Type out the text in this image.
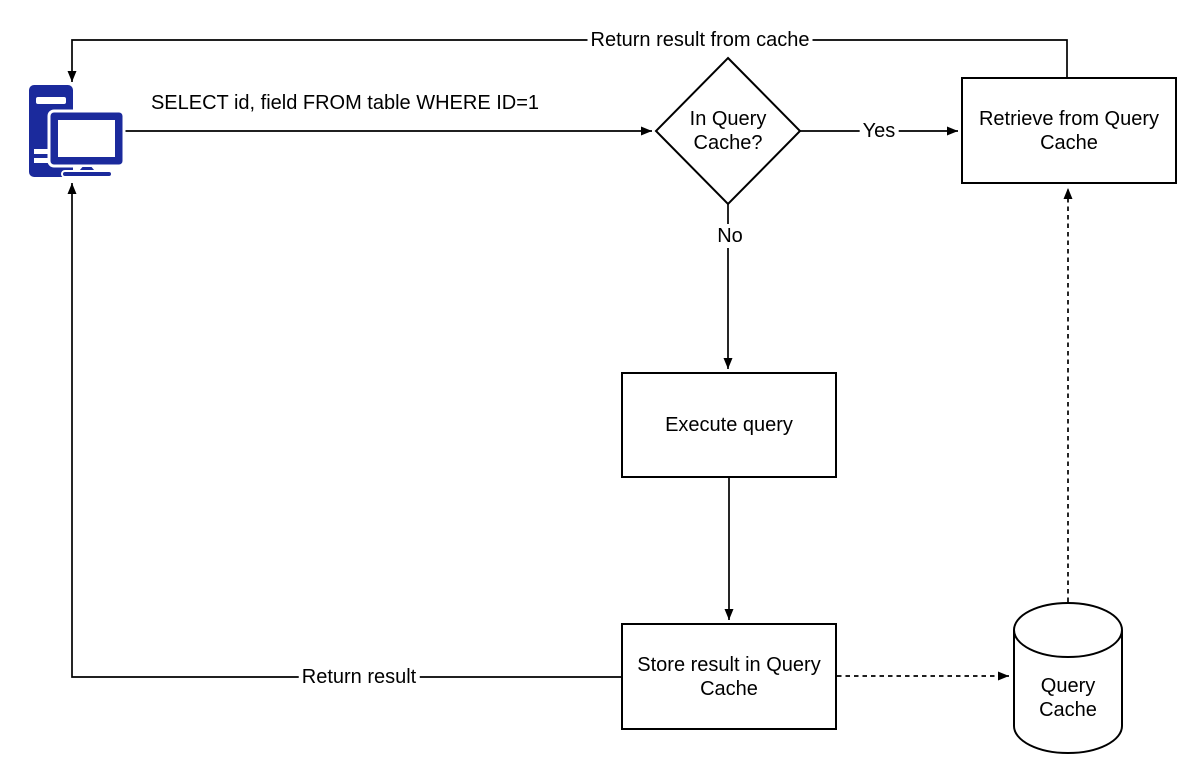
Retrieve from Query Cache
Execute query
Store result in Query Cache
In Query Cache?
Query Cache
SELECT id, field FROM table WHERE ID=1
Return result from cache
Yes
No
Return result
